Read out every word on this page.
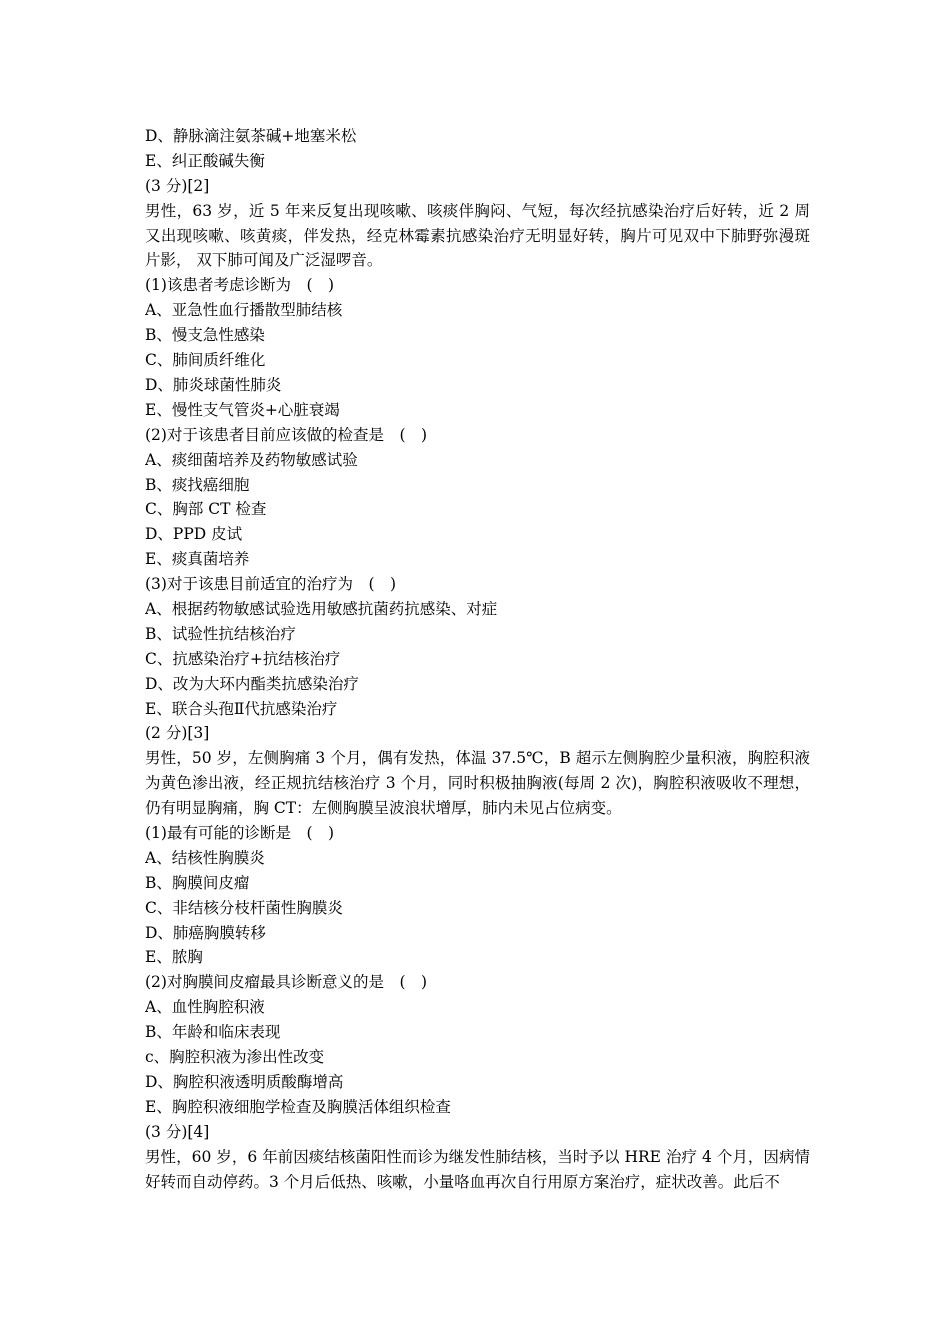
D、静脉滴注氨茶碱+地塞米松
E、纠正酸碱失衡
(3 分)[2]
男性，63 岁，近 5 年来反复出现咳嗽、咳痰伴胸闷、气短，每次经抗感染治疗后好转，近 2 周又出现咳嗽、咳黄痰，伴发热，经克林霉素抗感染治疗无明显好转，胸片可见双中下肺野弥漫斑片影， 双下肺可闻及广泛湿啰音。
(1)该患者考虑诊断为　(　)
A、亚急性血行播散型肺结核
B、慢支急性感染
C、肺间质纤维化
D、肺炎球菌性肺炎
E、慢性支气管炎+心脏衰竭
(2)对于该患者目前应该做的检查是　(　)
A、痰细菌培养及药物敏感试验
B、痰找癌细胞
C、胸部 CT 检查
D、PPD 皮试
E、痰真菌培养
(3)对于该患目前适宜的治疗为　(　)
A、根据药物敏感试验选用敏感抗菌药抗感染、对症
B、试验性抗结核治疗
C、抗感染治疗+抗结核治疗
D、改为大环内酯类抗感染治疗
E、联合头孢Ⅱ代抗感染治疗
(2 分)[3]
男性，50 岁，左侧胸痛 3 个月，偶有发热，体温 37.5℃，B 超示左侧胸腔少量积液，胸腔积液为黄色渗出液，经正规抗结核治疗 3 个月，同时积极抽胸液(每周 2 次)，胸腔积液吸收不理想，仍有明显胸痛，胸 CT：左侧胸膜呈波浪状增厚，肺内未见占位病变。
(1)最有可能的诊断是　(　)
A、结核性胸膜炎
B、胸膜间皮瘤
C、非结核分枝杆菌性胸膜炎
D、肺癌胸膜转移
E、脓胸
(2)对胸膜间皮瘤最具诊断意义的是　(　)
A、血性胸腔积液
B、年龄和临床表现
c、胸腔积液为渗出性改变
D、胸腔积液透明质酸酶增高
E、胸腔积液细胞学检查及胸膜活体组织检查
(3 分)[4]
男性，60 岁，6 年前因痰结核菌阳性而诊为继发性肺结核，当时予以 HRE 治疗 4 个月，因病情好转而自动停药。3 个月后低热、咳嗽，小量咯血再次自行用原方案治疗，症状改善。此后不
